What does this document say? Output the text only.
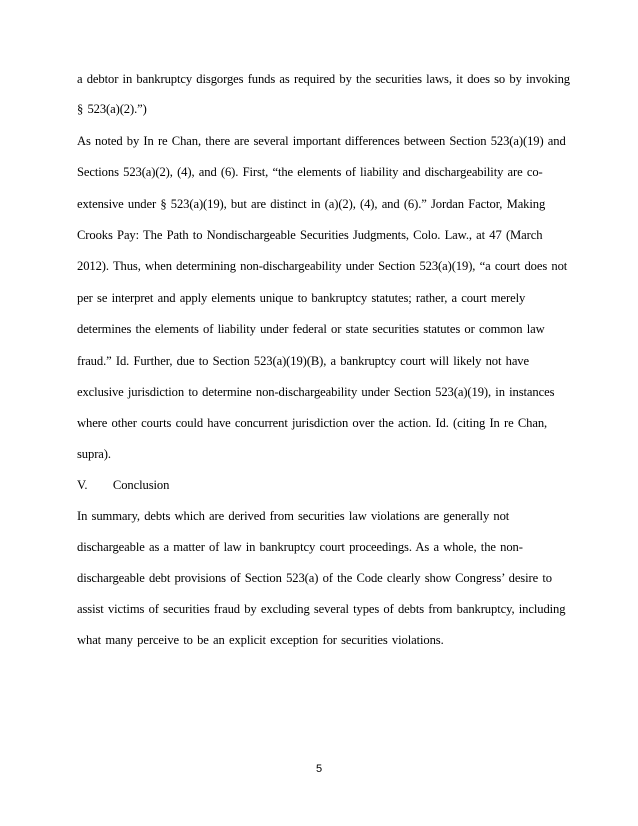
a debtor in bankruptcy disgorges funds as required by the securities laws, it does so by invoking
§ 523(a)(2).”)
As noted by In re Chan, there are several important differences between Section 523(a)(19) and
Sections 523(a)(2), (4), and (6). First, “the elements of liability and dischargeability are co-
extensive under § 523(a)(19), but are distinct in (a)(2), (4), and (6).” Jordan Factor, Making
Crooks Pay: The Path to Nondischargeable Securities Judgments, Colo. Law., at 47 (March
2012). Thus, when determining non-dischargeability under Section 523(a)(19), “a court does not
per se interpret and apply elements unique to bankruptcy statutes; rather, a court merely
determines the elements of liability under federal or state securities statutes or common law
fraud.” Id. Further, due to Section 523(a)(19)(B), a bankruptcy court will likely not have
exclusive jurisdiction to determine non-dischargeability under Section 523(a)(19), in instances
where other courts could have concurrent jurisdiction over the action. Id. (citing In re Chan,
supra).
V.      Conclusion
In summary, debts which are derived from securities law violations are generally not
dischargeable as a matter of law in bankruptcy court proceedings. As a whole, the non-
dischargeable debt provisions of Section 523(a) of the Code clearly show Congress’ desire to
assist victims of securities fraud by excluding several types of debts from bankruptcy, including
what many perceive to be an explicit exception for securities violations.
5
